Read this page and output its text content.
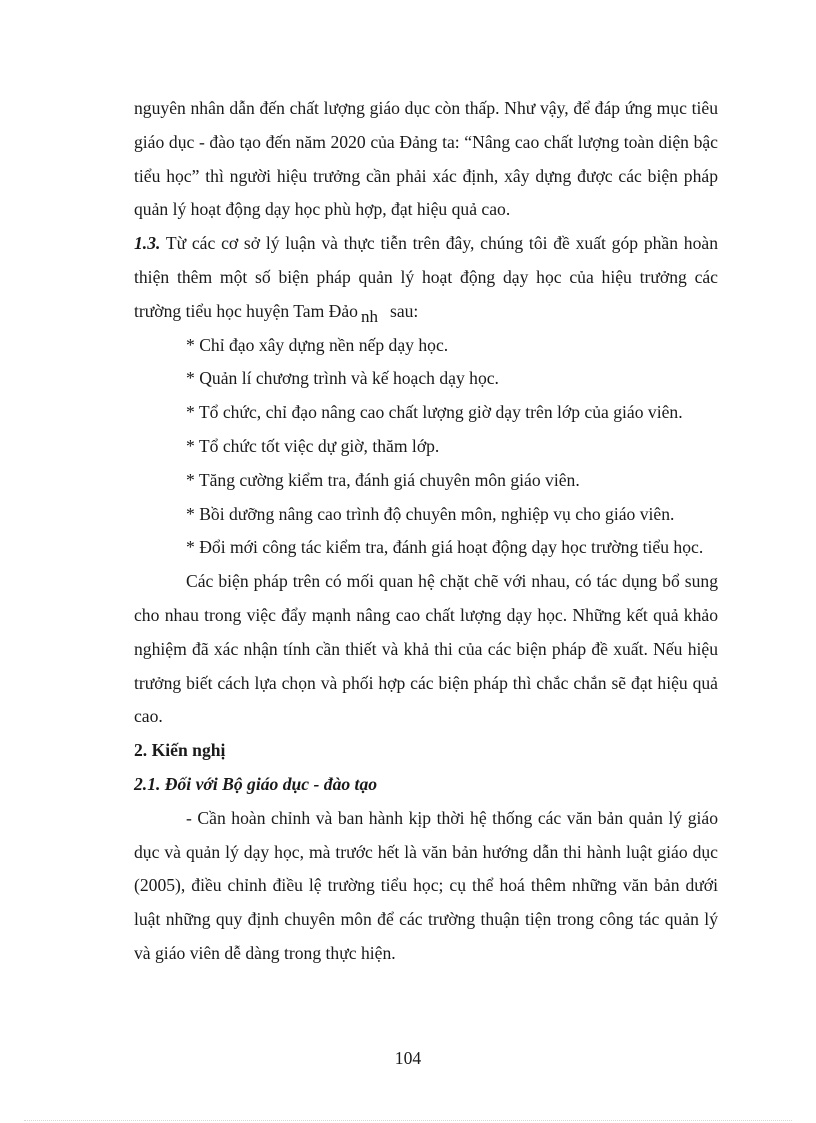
nguyên nhân dẫn đến chất lượng giáo dục còn thấp. Như vậy, để đáp ứng mục tiêu giáo dục - đào tạo đến năm 2020 của Đảng ta: “Nâng cao chất lượng toàn diện bậc tiểu học” thì người hiệu trưởng cần phải xác định, xây dựng được các biện pháp quản lý hoạt động dạy học phù hợp, đạt hiệu quả cao.

1.3. Từ các cơ sở lý luận và thực tiễn trên đây, chúng tôi đề xuất góp phần hoàn thiện thêm một số biện pháp quản lý hoạt động dạy học của hiệu trưởng các trường tiểu học huyện Tam Đảo nh sau:

* Chỉ đạo xây dựng nền nếp dạy học.

* Quản lí chương trình và kế hoạch dạy học.

* Tổ chức, chỉ đạo nâng cao chất lượng giờ dạy trên lớp của giáo viên.

* Tổ chức tốt việc dự giờ, thăm lớp.

* Tăng cường kiểm tra, đánh giá chuyên môn giáo viên.

* Bồi dưỡng nâng cao trình độ chuyên môn, nghiệp vụ cho giáo viên.

* Đổi mới công tác kiểm tra, đánh giá hoạt động dạy học trường tiểu học.

Các biện pháp trên có mối quan hệ chặt chẽ với nhau, có tác dụng bổ sung cho nhau trong việc đẩy mạnh nâng cao chất lượng dạy học. Những kết quả khảo nghiệm đã xác nhận tính cần thiết và khả thi của các biện pháp đề xuất. Nếu hiệu trưởng biết cách lựa chọn và phối hợp các biện pháp thì chắc chắn sẽ đạt hiệu quả cao.

2. Kiến nghị

2.1. Đối với Bộ giáo dục - đào tạo

- Cần hoàn chỉnh và ban hành kịp thời hệ thống các văn bản quản lý giáo dục và quản lý dạy học, mà trước hết là văn bản hướng dẫn thi hành luật giáo dục (2005), điều chỉnh điều lệ trường tiểu học; cụ thể hoá thêm những văn bản dưới luật những quy định chuyên môn để các trường thuận tiện trong công tác quản lý và giáo viên dễ dàng trong thực hiện.

104
